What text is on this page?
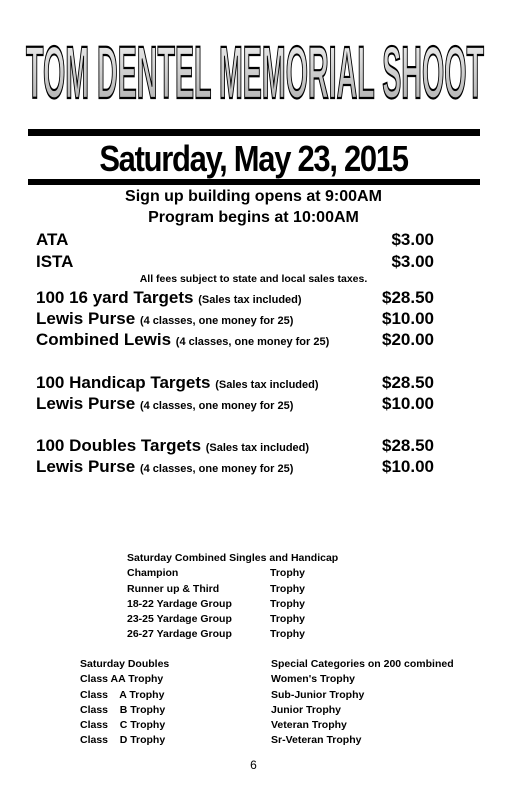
TOM DENTEL MEMORIAL SHOOT
Saturday, May 23, 2015
Sign up building opens at 9:00AM
Program begins at 10:00AM
ATA	$3.00
ISTA	$3.00
All fees subject to state and local sales taxes.
100 16 yard Targets (Sales tax included)	$28.50
Lewis Purse (4 classes, one money for 25)	$10.00
Combined Lewis (4 classes, one money for 25)	$20.00
100 Handicap Targets (Sales tax included)	$28.50
Lewis Purse (4 classes, one money for 25)	$10.00
100 Doubles Targets (Sales tax included)	$28.50
Lewis Purse (4 classes, one money for 25)	$10.00
Saturday Combined Singles and Handicap
Champion	Trophy
Runner up & Third	Trophy
18-22 Yardage Group	Trophy
23-25 Yardage Group	Trophy
26-27 Yardage Group	Trophy
Saturday Doubles	Special Categories on 200 combined
Class AA Trophy	Women's Trophy
Class    A Trophy	Sub-Junior Trophy
Class    B Trophy	Junior Trophy
Class    C Trophy	Veteran Trophy
Class    D Trophy	Sr-Veteran Trophy
6
